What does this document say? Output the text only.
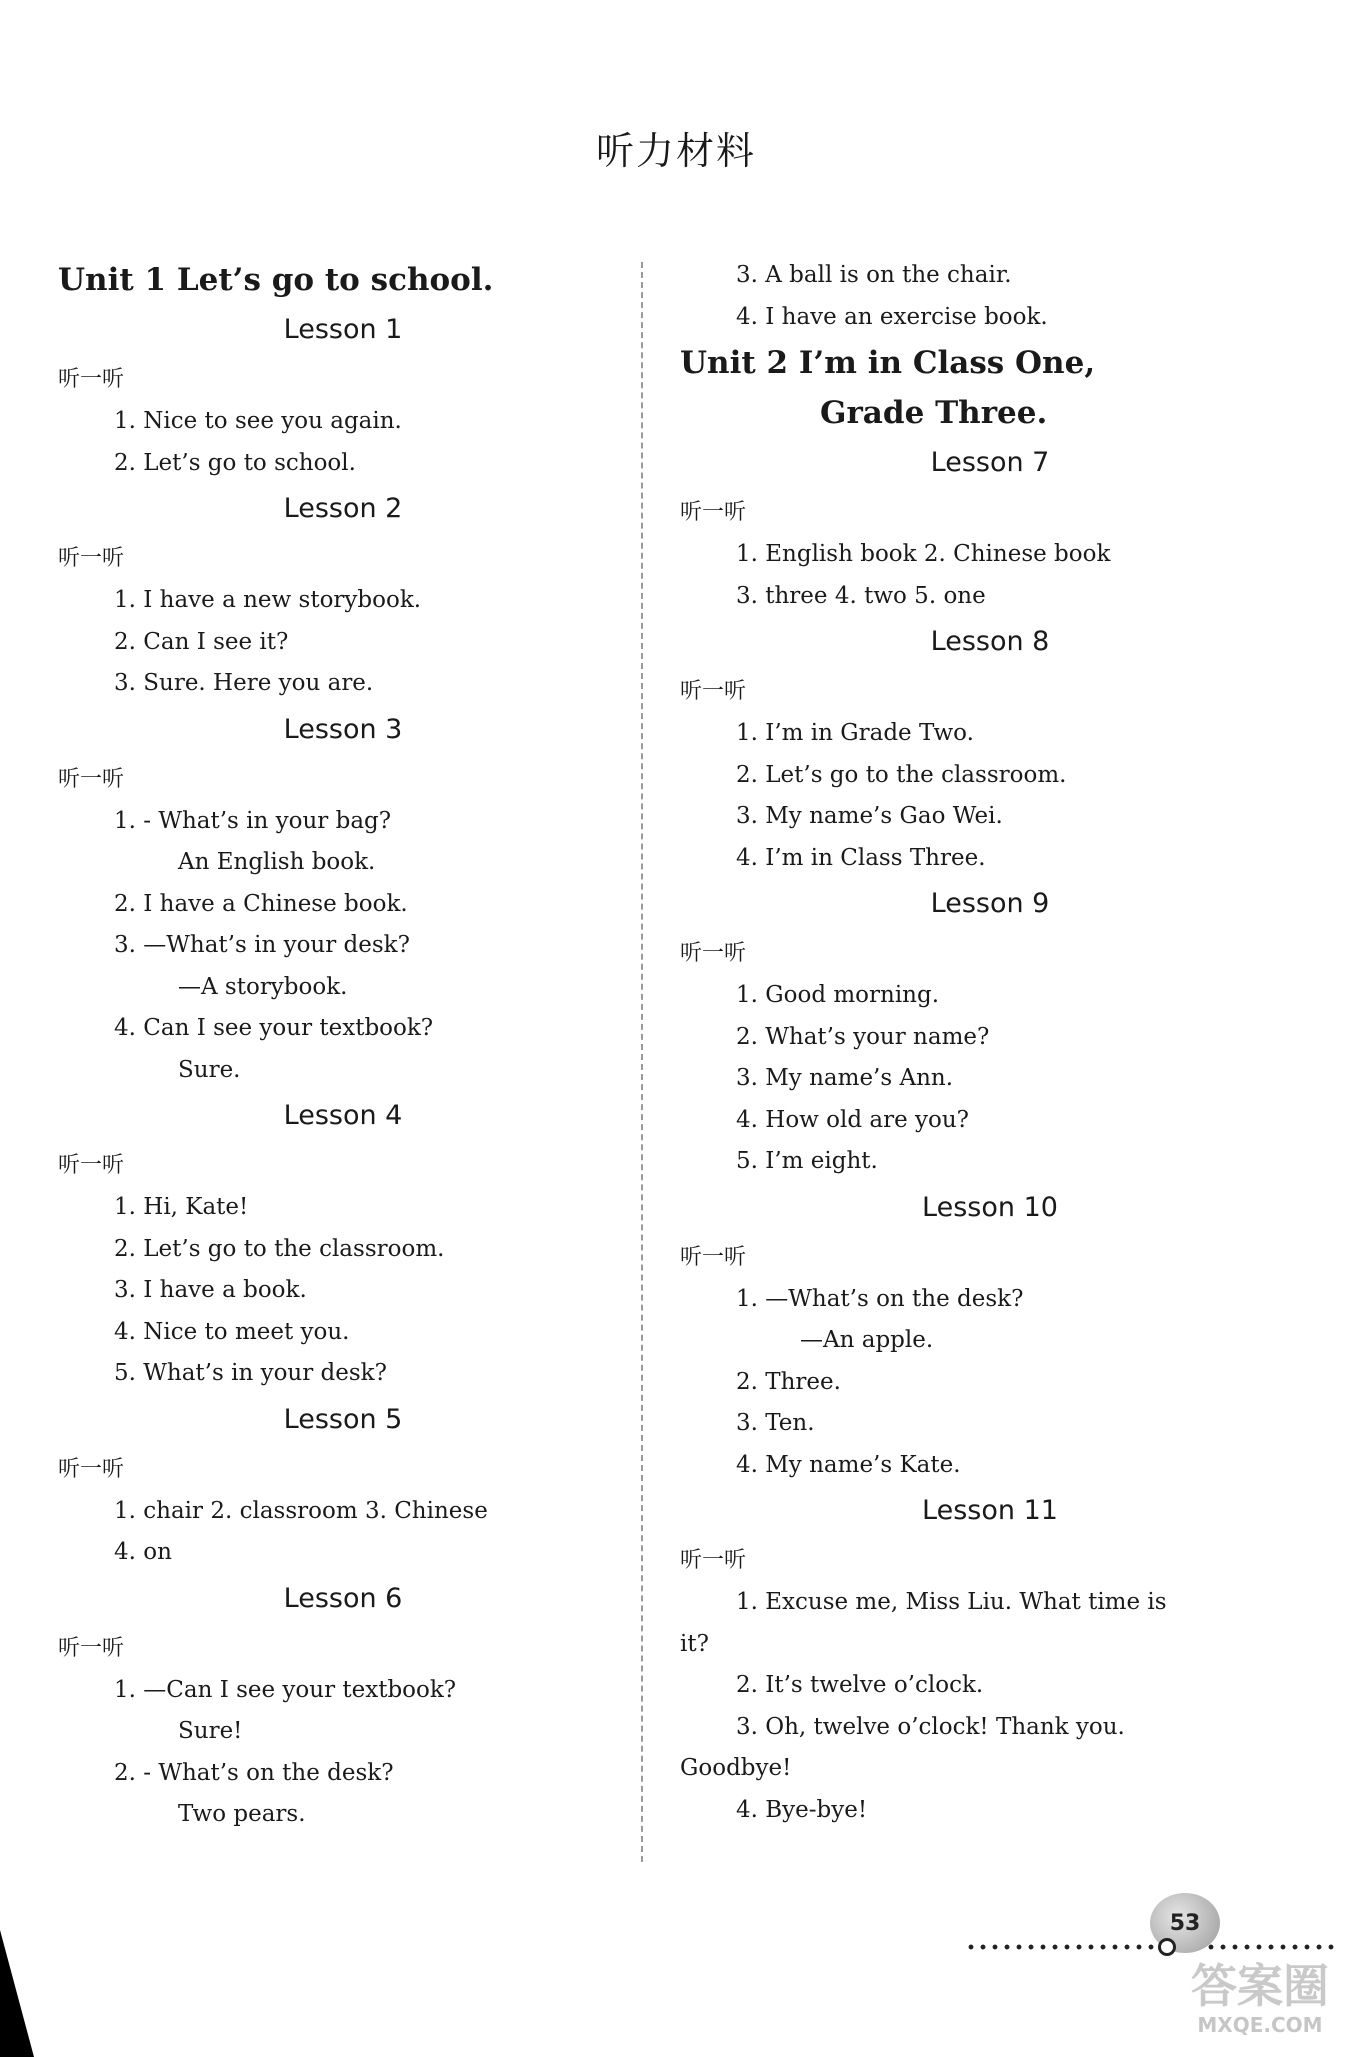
听力材料
Unit 1 Let’s go to school.
Lesson 1
听一听
1. Nice to see you again.
2. Let’s go to school.
Lesson 2
听一听
1. I have a new storybook.
2. Can I see it?
3. Sure. Here you are.
Lesson 3
听一听
1. - What’s in your bag?
An English book.
2. I have a Chinese book.
3. —What’s in your desk?
—A storybook.
4. Can I see your textbook?
Sure.
Lesson 4
听一听
1. Hi, Kate!
2. Let’s go to the classroom.
3. I have a book.
4. Nice to meet you.
5. What’s in your desk?
Lesson 5
听一听
1. chair 2. classroom 3. Chinese
4. on
Lesson 6
听一听
1. —Can I see your textbook?
Sure!
2. - What’s on the desk?
Two pears.
3. A ball is on the chair.
4. I have an exercise book.
Unit 2 I’m in Class One,
Grade Three.
Lesson 7
听一听
1. English book 2. Chinese book
3. three 4. two 5. one
Lesson 8
听一听
1. I’m in Grade Two.
2. Let’s go to the classroom.
3. My name’s Gao Wei.
4. I’m in Class Three.
Lesson 9
听一听
1. Good morning.
2. What’s your name?
3. My name’s Ann.
4. How old are you?
5. I’m eight.
Lesson 10
听一听
1. —What’s on the desk?
—An apple.
2. Three.
3. Ten.
4. My name’s Kate.
Lesson 11
听一听
1. Excuse me, Miss Liu. What time is
it?
2. It’s twelve o’clock.
3. Oh, twelve o’clock! Thank you.
Goodbye!
4. Bye-bye!
53
答案圈
MXQE.COM
